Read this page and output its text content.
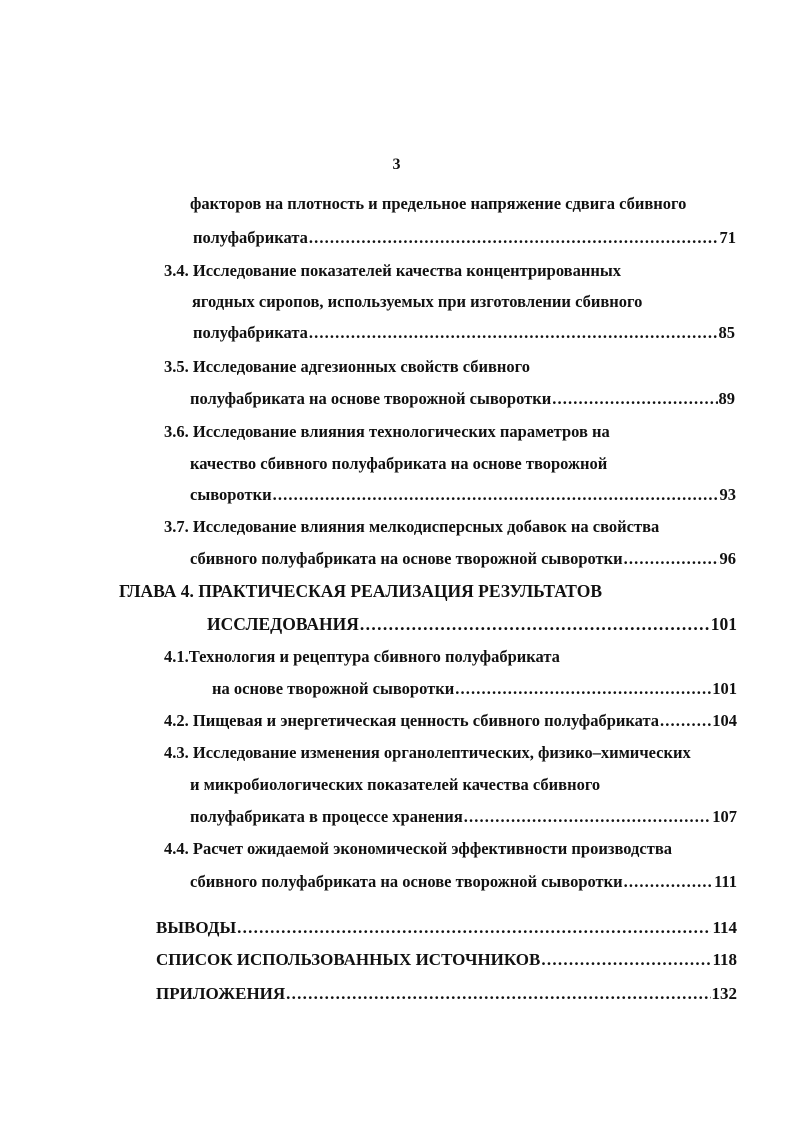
3
факторов на плотность и предельное напряжение сдвига сбивного
полуфабриката . . .	71
3.4. Исследование показателей качества концентрированных
ягодных сиропов, используемых при изготовлении сбивного
полуфабриката . . .	85
3.5. Исследование адгезионных свойств сбивного
полуфабриката на основе творожной сыворотки . . .	89
3.6. Исследование влияния технологических параметров на
качество сбивного полуфабриката на основе творожной
сыворотки . . .	93
3.7. Исследование влияния мелкодисперсных добавок на свойства
сбивного полуфабриката на основе творожной сыворотки . . .	96
ГЛАВА 4. ПРАКТИЧЕСКАЯ РЕАЛИЗАЦИЯ РЕЗУЛЬТАТОВ
ИССЛЕДОВАНИЯ . . .	101
4.1.Технология и рецептура сбивного полуфабриката
на основе творожной сыворотки . . .	101
4.2. Пищевая и энергетическая ценность сбивного полуфабриката . . .	104
4.3. Исследование изменения органолептических, физико–химических
и микробиологических показателей качества сбивного
полуфабриката в процессе хранения . . .	107
4.4. Расчет ожидаемой экономической эффективности производства
сбивного полуфабриката на основе творожной сыворотки . . .	111
ВЫВОДЫ . . .	114
СПИСОК ИСПОЛЬЗОВАННЫХ ИСТОЧНИКОВ . . .	118
ПРИЛОЖЕНИЯ . . .	132
